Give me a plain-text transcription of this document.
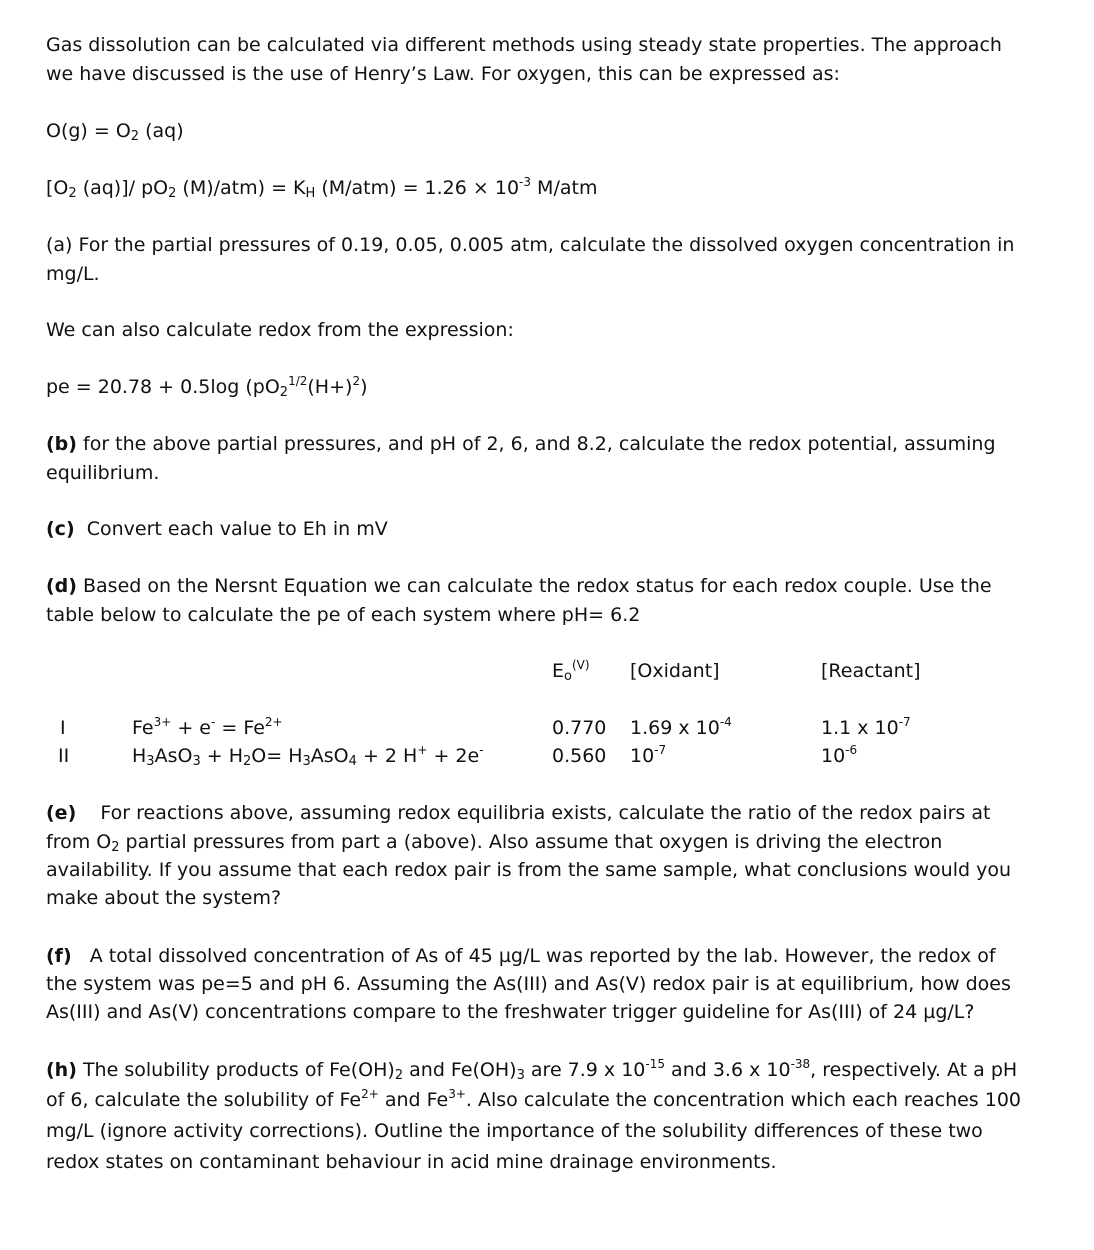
Gas dissolution can be calculated via different methods using steady state properties. The approach
we have discussed is the use of Henry’s Law. For oxygen, this can be expressed as:
$O(g) = O_2$ (aq)
[$O_2$ (aq)]/ $pO_2$ $(M)/atm) = K_H$ $(M/atm) = 1.26 \times 10^{-3}$ M/atm
(a) For the partial pressures of 0.19, 0.05, 0.005 atm, calculate the dissolved oxygen concentration in
mg/L.
We can also calculate redox from the expression:
pe = 20.78 + 0.5log $(pO_2^{1/2}(H+)^2)$
(b) for the above partial pressures, and pH of 2, 6, and 8.2, calculate the redox potential, assuming
equilibrium.
(c)  Convert each value to Eh in mV
(d) Based on the Nersnt Equation we can calculate the redox status for each redox couple. Use the
table below to calculate the pe of each system where pH= 6.2
$E_o^{(V)}$ [Oxidant]	[Reactant]
I	$Fe^{3+} + e^- = Fe^{2+}$	0.770 1.69 x $10^{-4}$	1.1 x $10^{-7}$
II	$H_3AsO_3 + H_2O= H_3AsO_4 + 2$ H+ + 2e-	0.560 $10^{-7}$	$10^{-6}$
(e)    For reactions above, assuming redox equilibria exists, calculate the ratio of the redox pairs at
from $O_2$ partial pressures from part a (above). Also assume that oxygen is driving the electron
availability. If you assume that each redox pair is from the same sample, what conclusions would you
make about the system?
(f)   A total dissolved concentration of As of 45 µg/L was reported by the lab. However, the redox of
the system was pe=5 and pH 6. Assuming the As(III) and As(V) redox pair is at equilibrium, how does
As(III) and As(V) concentrations compare to the freshwater trigger guideline for As(III) of 24 µg/L?
(h) The solubility products of $Fe(OH)_2$ and $Fe(OH)_3$ are 7.9 x $10^{-15}$ and 3.6 x $10^{-38}$, respectively. At a pH
of 6, calculate the solubility of $Fe^{2+}$ and $Fe^{3+}$. Also calculate the concentration which each reaches 100
mg/L (ignore activity corrections). Outline the importance of the solubility differences of these two
redox states on contaminant behaviour in acid mine drainage environments.
